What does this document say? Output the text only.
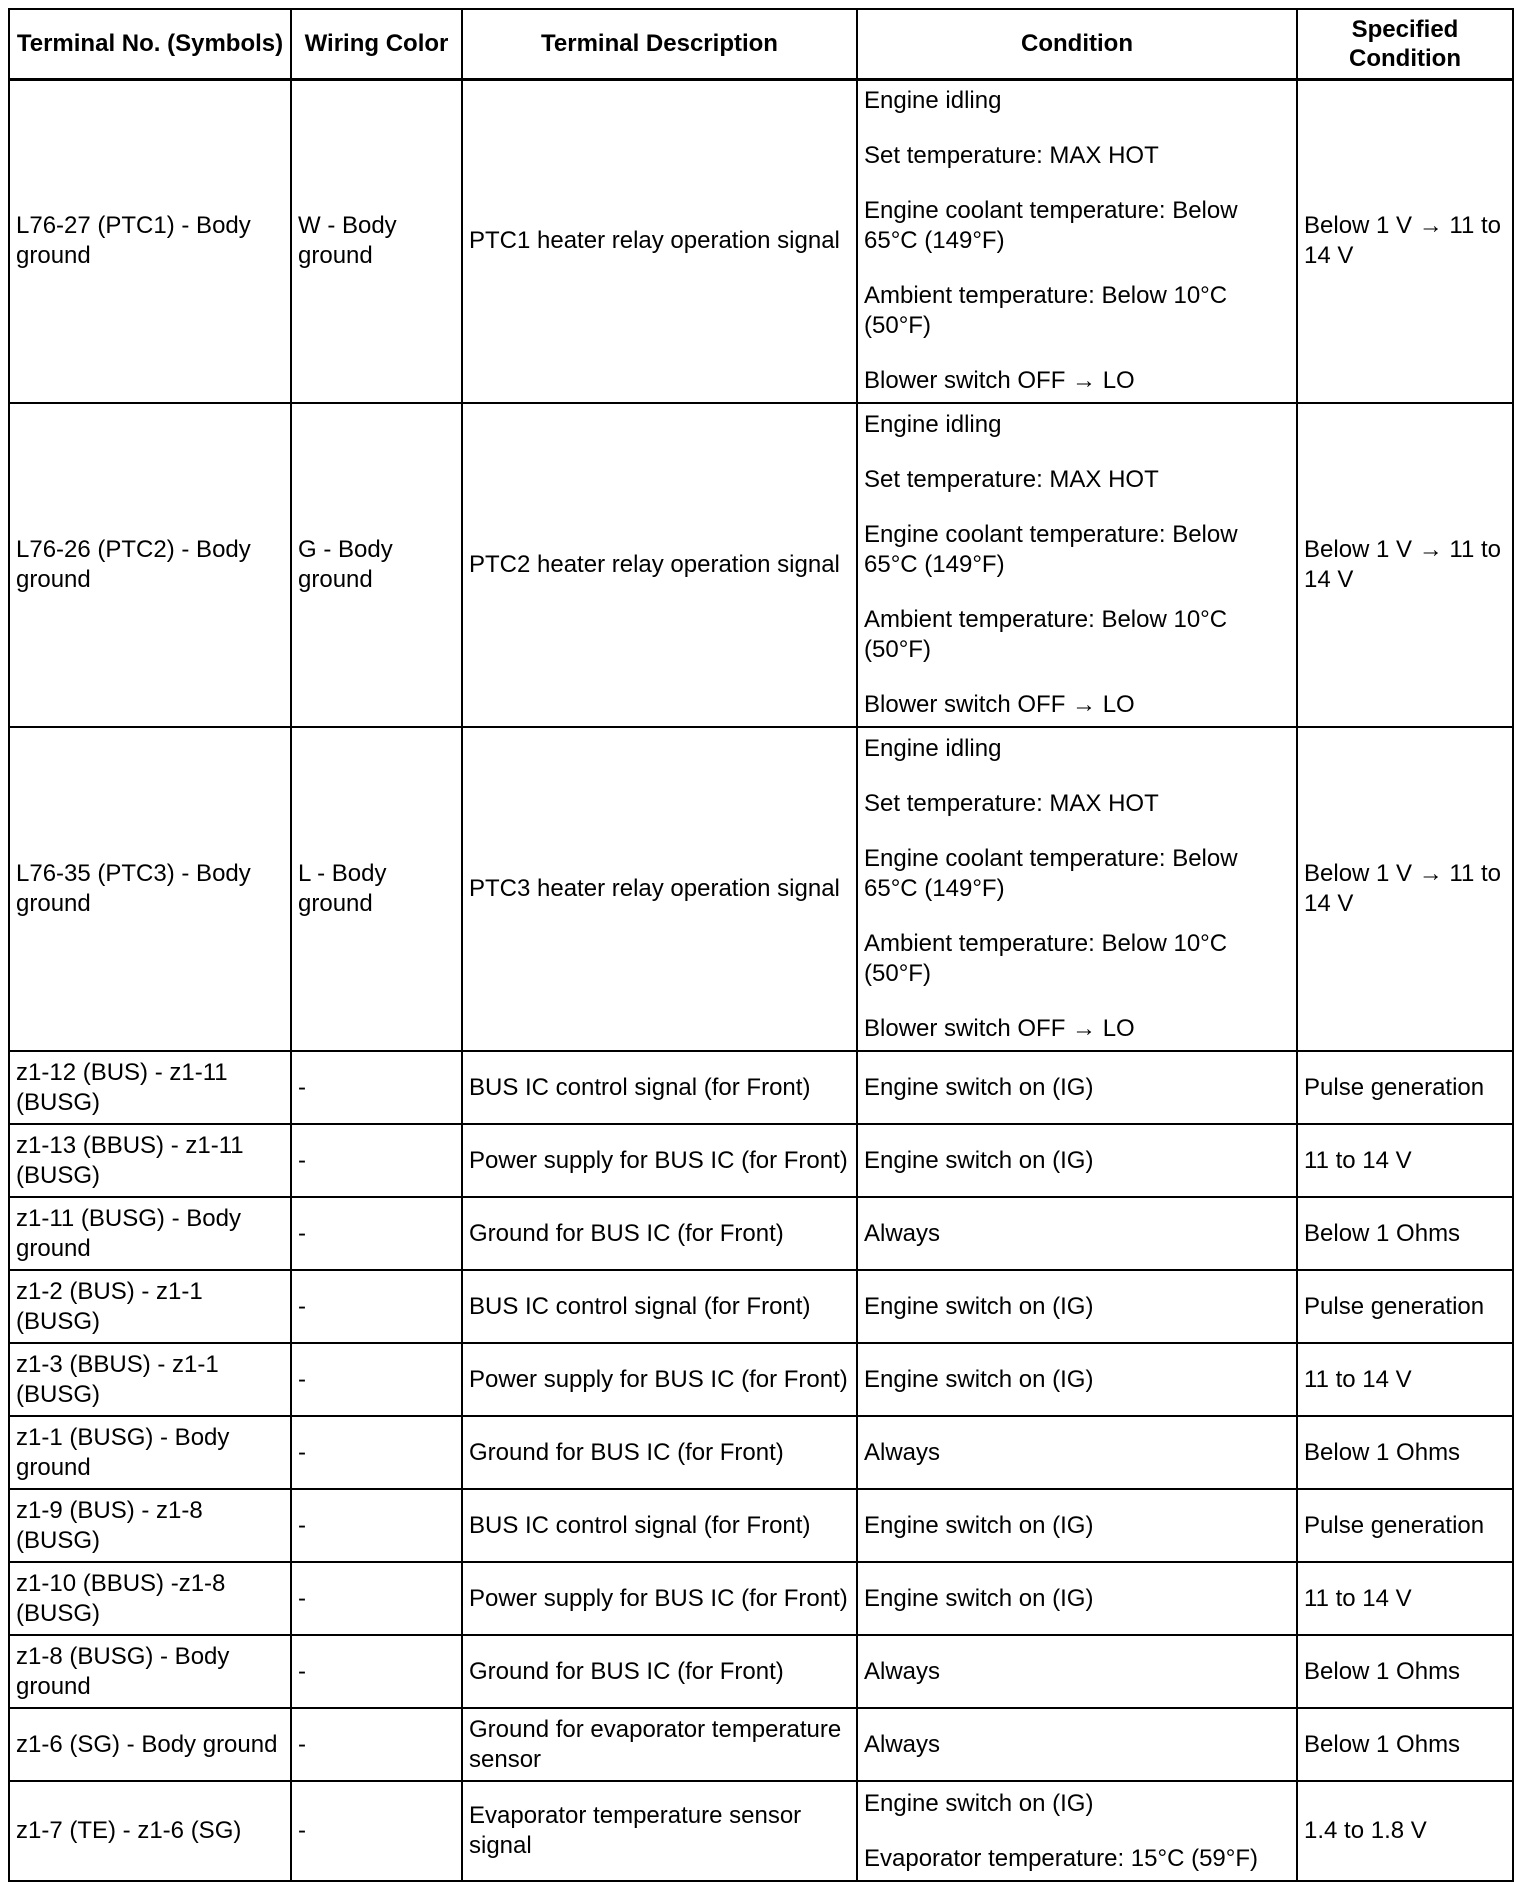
Terminal No. (Symbols)	Wiring Color	Terminal Description	Condition	Specified Condition
L76-27 (PTC1) - Body ground	W - Body ground	PTC1 heater relay operation signal	Engine idling

Set temperature: MAX HOT

Engine coolant temperature: Below 65°C (149°F)

Ambient temperature: Below 10°C (50°F)

Blower switch OFF → LO	Below 1 V → 11 to 14 V
L76-26 (PTC2) - Body ground	G - Body ground	PTC2 heater relay operation signal	Engine idling

Set temperature: MAX HOT

Engine coolant temperature: Below 65°C (149°F)

Ambient temperature: Below 10°C (50°F)

Blower switch OFF → LO	Below 1 V → 11 to 14 V
L76-35 (PTC3) - Body ground	L - Body ground	PTC3 heater relay operation signal	Engine idling

Set temperature: MAX HOT

Engine coolant temperature: Below 65°C (149°F)

Ambient temperature: Below 10°C (50°F)

Blower switch OFF → LO	Below 1 V → 11 to 14 V
z1-12 (BUS) - z1-11 (BUSG)	-	BUS IC control signal (for Front)	Engine switch on (IG)	Pulse generation
z1-13 (BBUS) - z1-11 (BUSG)	-	Power supply for BUS IC (for Front)	Engine switch on (IG)	11 to 14 V
z1-11 (BUSG) - Body ground	-	Ground for BUS IC (for Front)	Always	Below 1 Ohms
z1-2 (BUS) - z1-1 (BUSG)	-	BUS IC control signal (for Front)	Engine switch on (IG)	Pulse generation
z1-3 (BBUS) - z1-1 (BUSG)	-	Power supply for BUS IC (for Front)	Engine switch on (IG)	11 to 14 V
z1-1 (BUSG) - Body ground	-	Ground for BUS IC (for Front)	Always	Below 1 Ohms
z1-9 (BUS) - z1-8 (BUSG)	-	BUS IC control signal (for Front)	Engine switch on (IG)	Pulse generation
z1-10 (BBUS) -z1-8 (BUSG)	-	Power supply for BUS IC (for Front)	Engine switch on (IG)	11 to 14 V
z1-8 (BUSG) - Body ground	-	Ground for BUS IC (for Front)	Always	Below 1 Ohms
z1-6 (SG) - Body ground	-	Ground for evaporator temperature sensor	Always	Below 1 Ohms
z1-7 (TE) - z1-6 (SG)	-	Evaporator temperature sensor signal	Engine switch on (IG)

Evaporator temperature: 15°C (59°F)	1.4 to 1.8 V
